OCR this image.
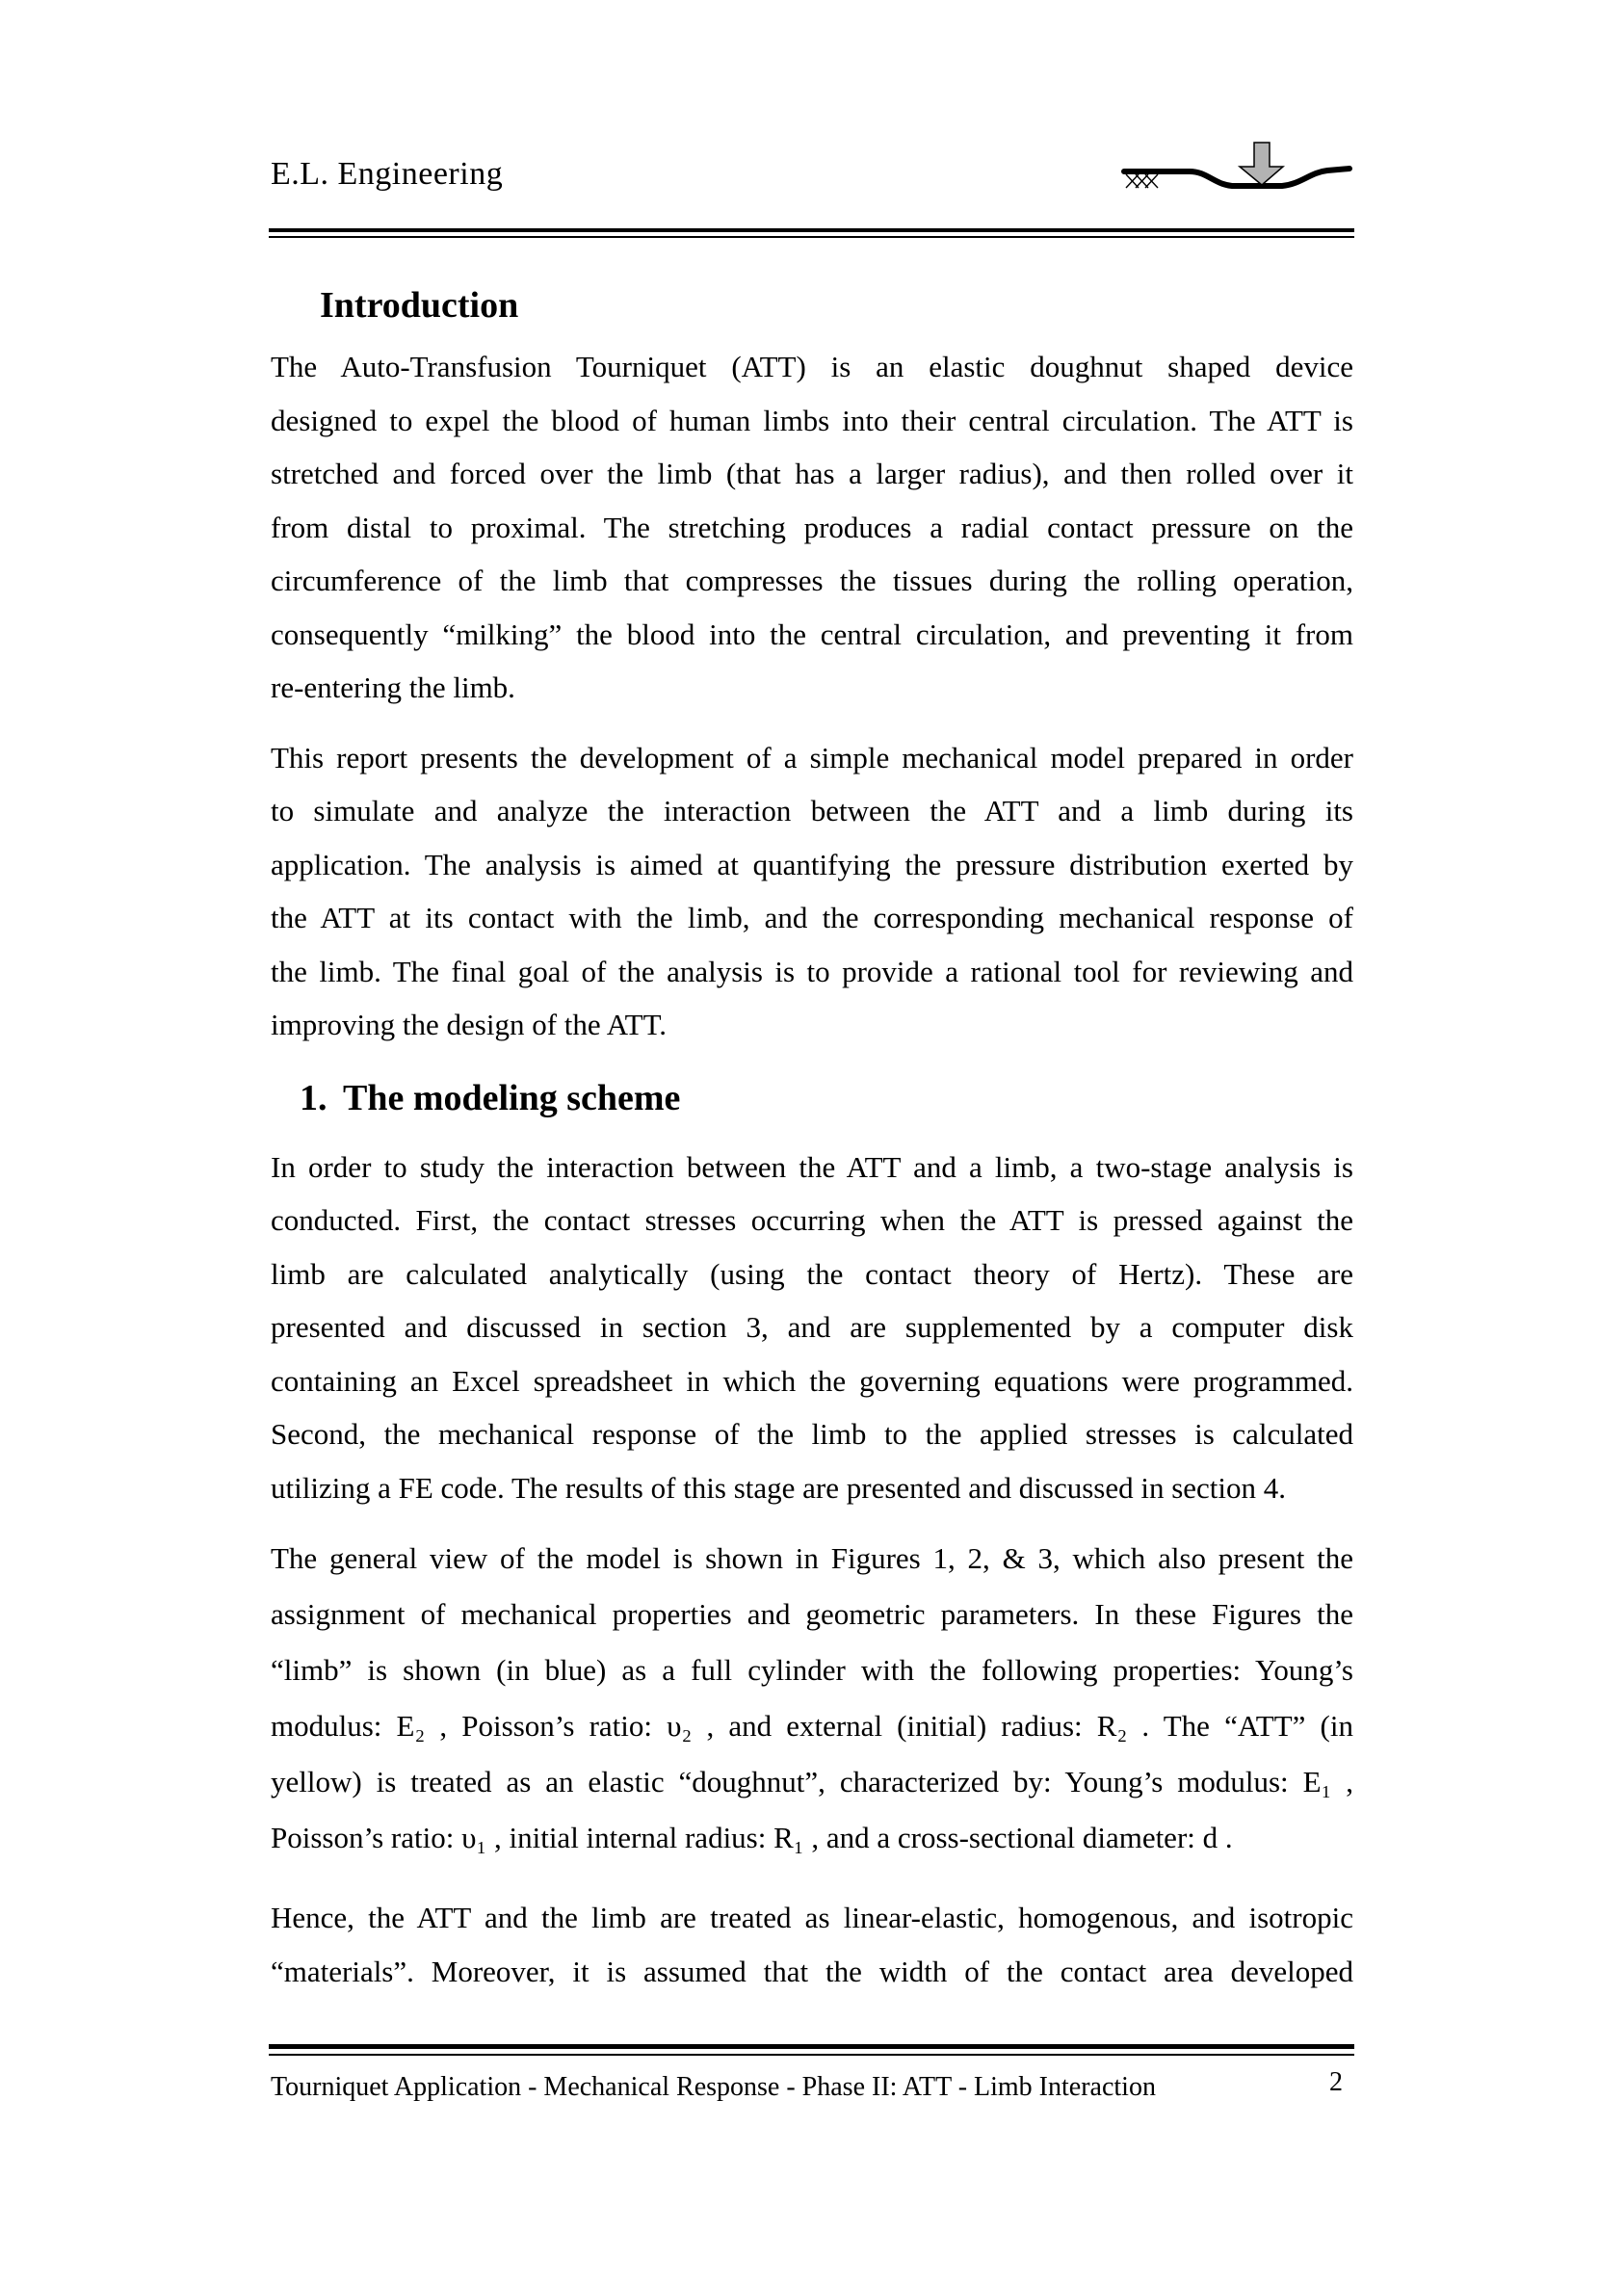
E.L. Engineering
Introduction
The Auto-Transfusion Tourniquet (ATT) is an elastic doughnut shaped device
designed to expel the blood of human limbs into their central circulation. The ATT is
stretched and forced over the limb (that has a larger radius), and then rolled over it
from distal to proximal. The stretching produces a radial contact pressure on the
circumference of the limb that compresses the tissues during the rolling operation,
consequently “milking” the blood into the central circulation, and preventing it from
re-entering the limb.
This report presents the development of a simple mechanical model prepared in order
to simulate and analyze the interaction between the ATT and a limb during its
application. The analysis is aimed at quantifying the pressure distribution exerted by
the ATT at its contact with the limb, and the corresponding mechanical response of
the limb. The final goal of the analysis is to provide a rational tool for reviewing and
improving the design of the ATT.
1. The modeling scheme
In order to study the interaction between the ATT and a limb, a two-stage analysis is
conducted. First, the contact stresses occurring when the ATT is pressed against the
limb are calculated analytically (using the contact theory of Hertz). These are
presented and discussed in section 3, and are supplemented by a computer disk
containing an Excel spreadsheet in which the governing equations were programmed.
Second, the mechanical response of the limb to the applied stresses is calculated
utilizing a FE code. The results of this stage are presented and discussed in section 4.
The general view of the model is shown in Figures 1, 2, & 3, which also present the
assignment of mechanical properties and geometric parameters. In these Figures the
“limb” is shown (in blue) as a full cylinder with the following properties: Young’s
modulus: E₂ , Poisson’s ratio: υ₂ , and external (initial) radius: R₂ . The “ATT” (in
yellow) is treated as an elastic “doughnut”, characterized by: Young’s modulus: E₁ ,
Poisson’s ratio: υ₁ , initial internal radius: R₁ , and a cross-sectional diameter: d .
Hence, the ATT and the limb are treated as linear-elastic, homogenous, and isotropic
“materials”. Moreover, it is assumed that the width of the contact area developed
Tourniquet Application - Mechanical Response - Phase II: ATT - Limb Interaction	2
